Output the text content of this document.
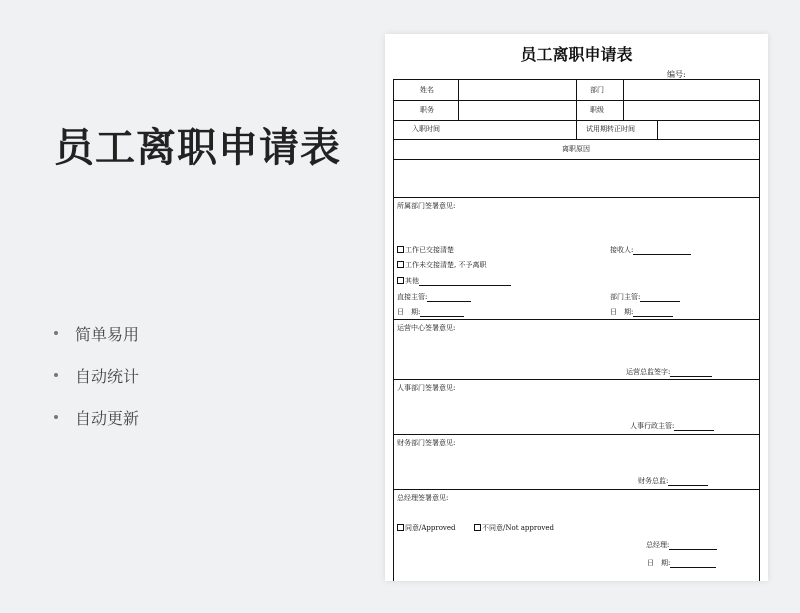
员工离职申请表
简单易用
自动统计
自动更新
员工离职申请表
编号:
姓名	部门
职务	职级
入职时间	试用期转正时间
离职原因
所属部门签署意见:
工作已交接清楚	接收人:
工作未交接清楚, 不予离职
其他
直接主管:	部门主管:
日　期:	日　期:
运营中心签署意见:
运营总监签字:
人事部门签署意见:
人事行政主管:
财务部门签署意见:
财务总监:
总经理签署意见:
同意/Approved	不同意/Not approved
总经理:
日　期:
